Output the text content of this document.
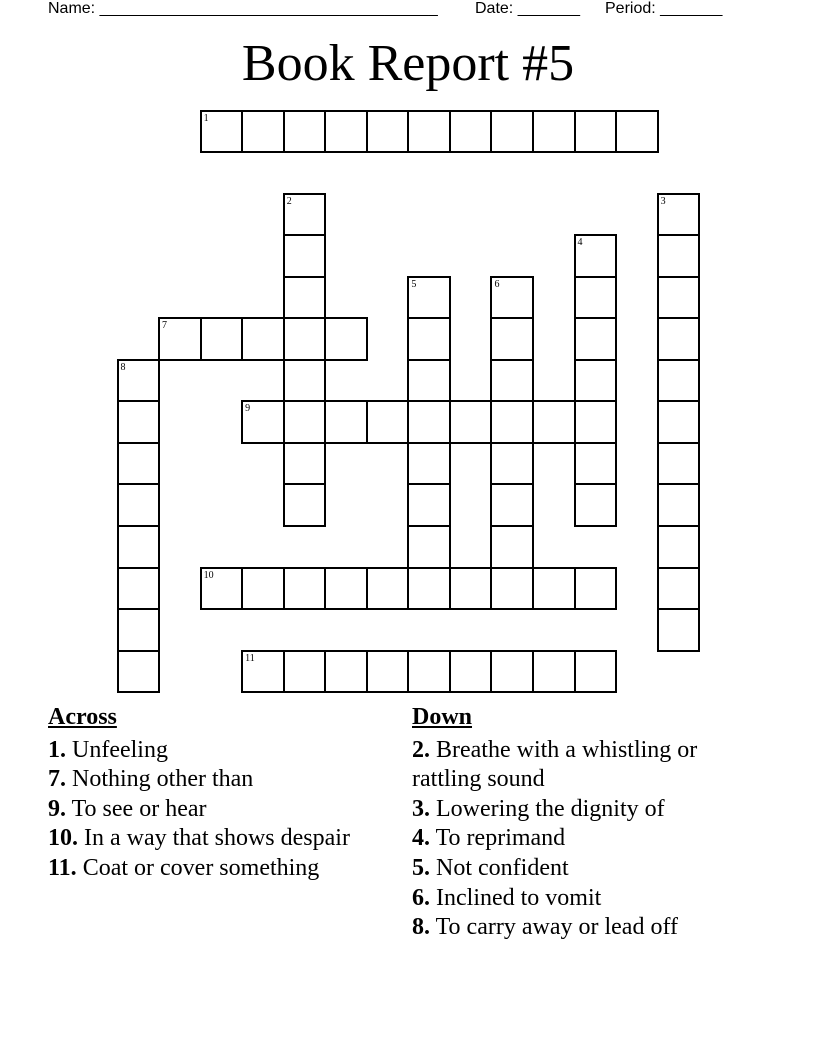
Name: ______________________________________ Date: _______ Period: _______
Book Report #5
1
2	3
4
5	6
7
8
9
10
11
Across
1. Unfeeling
7. Nothing other than
9. To see or hear
10. In a way that shows despair
11. Coat or cover something
Down
2. Breathe with a whistling or rattling sound
3. Lowering the dignity of
4. To reprimand
5. Not confident
6. Inclined to vomit
8. To carry away or lead off
